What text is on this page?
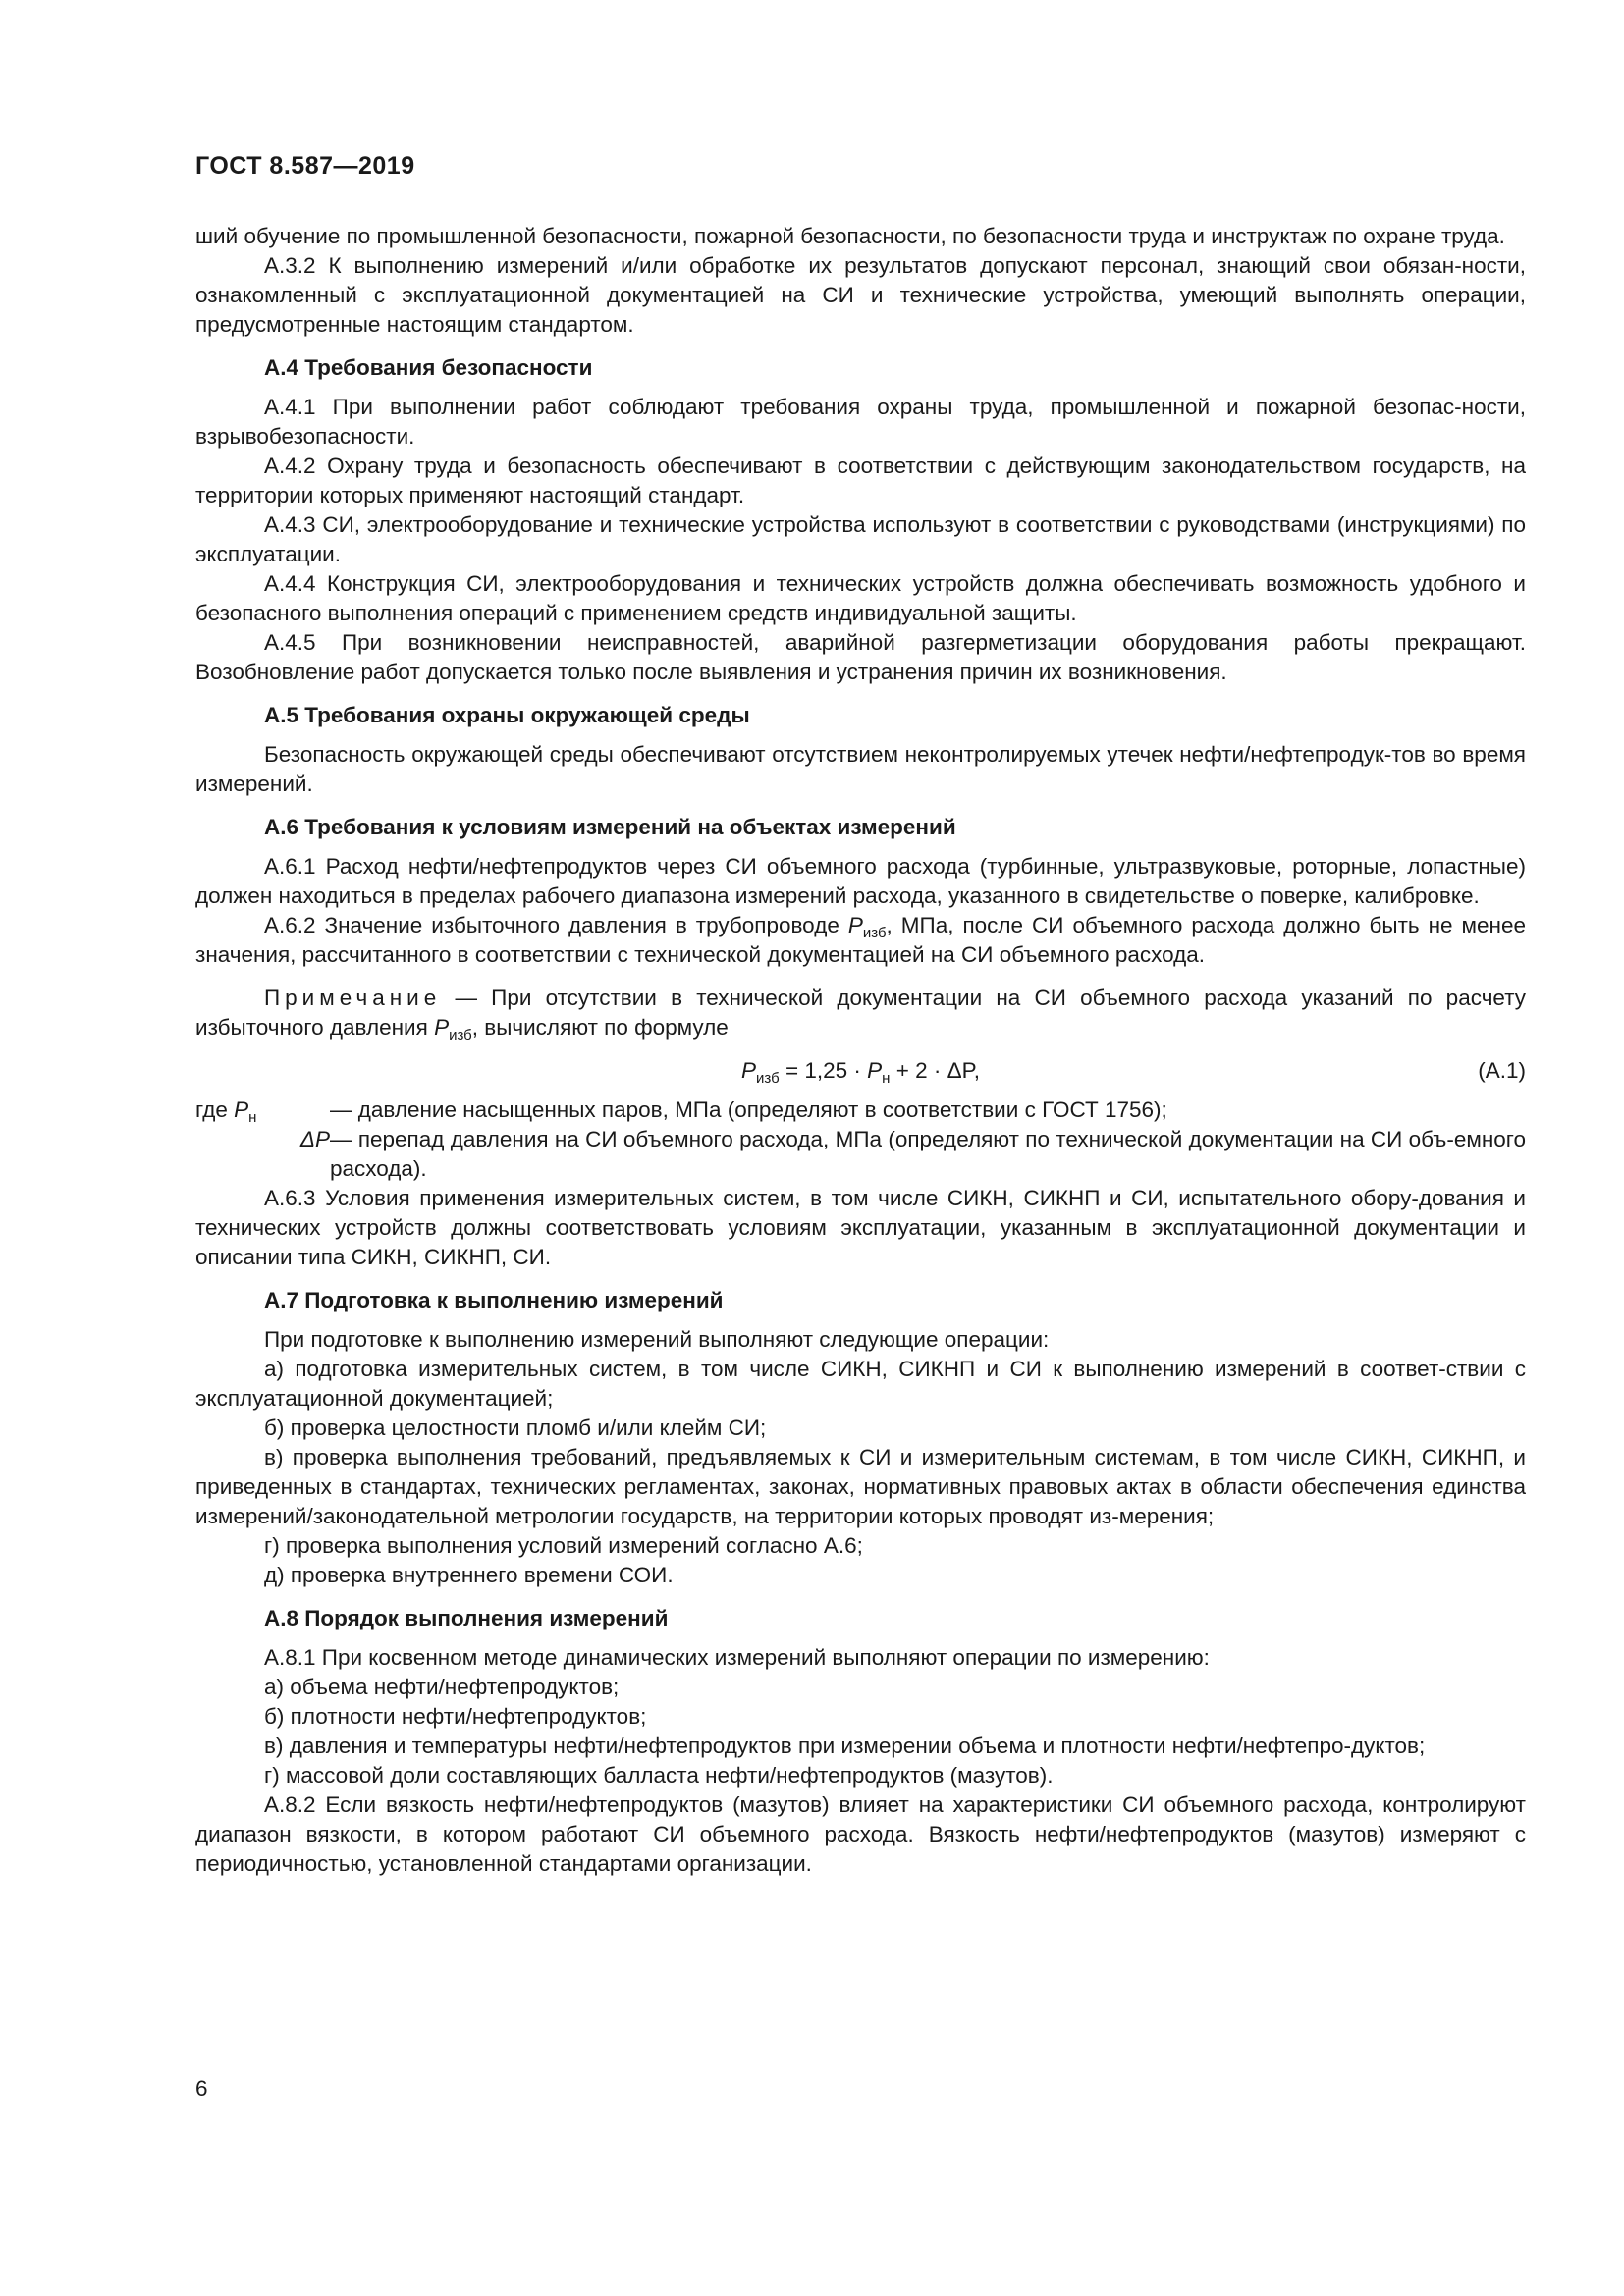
ГОСТ 8.587—2019

ший обучение по промышленной безопасности, пожарной безопасности, по безопасности труда и инструктаж по охране труда.

А.3.2 К выполнению измерений и/или обработке их результатов допускают персонал, знающий свои обязан-ности, ознакомленный с эксплуатационной документацией на СИ и технические устройства, умеющий выполнять операции, предусмотренные настоящим стандартом.

А.4 Требования безопасности

А.4.1 При выполнении работ соблюдают требования охраны труда, промышленной и пожарной безопас-ности, взрывобезопасности.

А.4.2 Охрану труда и безопасность обеспечивают в соответствии с действующим законодательством государств, на территории которых применяют настоящий стандарт.

А.4.3 СИ, электрооборудование и технические устройства используют в соответствии с руководствами (инструкциями) по эксплуатации.

А.4.4 Конструкция СИ, электрооборудования и технических устройств должна обеспечивать возможность удобного и безопасного выполнения операций с применением средств индивидуальной защиты.

А.4.5 При возникновении неисправностей, аварийной разгерметизации оборудования работы прекращают. Возобновление работ допускается только после выявления и устранения причин их возникновения.

А.5 Требования охраны окружающей среды

Безопасность окружающей среды обеспечивают отсутствием неконтролируемых утечек нефти/нефтепродук-тов во время измерений.

А.6 Требования к условиям измерений на объектах измерений

А.6.1 Расход нефти/нефтепродуктов через СИ объемного расхода (турбинные, ультразвуковые, роторные, лопастные) должен находиться в пределах рабочего диапазона измерений расхода, указанного в свидетельстве о поверке, калибровке.

А.6.2 Значение избыточного давления в трубопроводе $P_{изб}$, МПа, после СИ объемного расхода должно быть не менее значения, рассчитанного в соответствии с технической документацией на СИ объемного расхода.

Примечание — При отсутствии в технической документации на СИ объемного расхода указаний по расчету избыточного давления $P_{изб}$, вычисляют по формуле

$P_{изб} = 1,25 \cdot P_н + 2 \cdot \Delta P$,	(А.1)
где $P_н$	— давление насыщенных паров, МПа (определяют в соответствии с ГОСТ 1756);
ΔP — перепад давления на СИ объемного расхода, МПа (определяют по технической документации на СИ объ-емного расхода).

А.6.3 Условия применения измерительных систем, в том числе СИКН, СИКНП и СИ, испытательного обору-дования и технических устройств должны соответствовать условиям эксплуатации, указанным в эксплуатационной документации и описании типа СИКН, СИКНП, СИ.

А.7 Подготовка к выполнению измерений

При подготовке к выполнению измерений выполняют следующие операции:

а) подготовка измерительных систем, в том числе СИКН, СИКНП и СИ к выполнению измерений в соответ-ствии с эксплуатационной документацией;

б) проверка целостности пломб и/или клейм СИ;

в) проверка выполнения требований, предъявляемых к СИ и измерительным системам, в том числе СИКН, СИКНП, и приведенных в стандартах, технических регламентах, законах, нормативных правовых актах в области обеспечения единства измерений/законодательной метрологии государств, на территории которых проводят из-мерения;

г) проверка выполнения условий измерений согласно А.6;

д) проверка внутреннего времени СОИ.

А.8 Порядок выполнения измерений

А.8.1 При косвенном методе динамических измерений выполняют операции по измерению:

а) объема нефти/нефтепродуктов;

б) плотности нефти/нефтепродуктов;

в) давления и температуры нефти/нефтепродуктов при измерении объема и плотности нефти/нефтепро-дуктов;

г) массовой доли составляющих балласта нефти/нефтепродуктов (мазутов).

А.8.2 Если вязкость нефти/нефтепродуктов (мазутов) влияет на характеристики СИ объемного расхода, контролируют диапазон вязкости, в котором работают СИ объемного расхода. Вязкость нефти/нефтепродуктов (мазутов) измеряют с периодичностью, установленной стандартами организации.

6
